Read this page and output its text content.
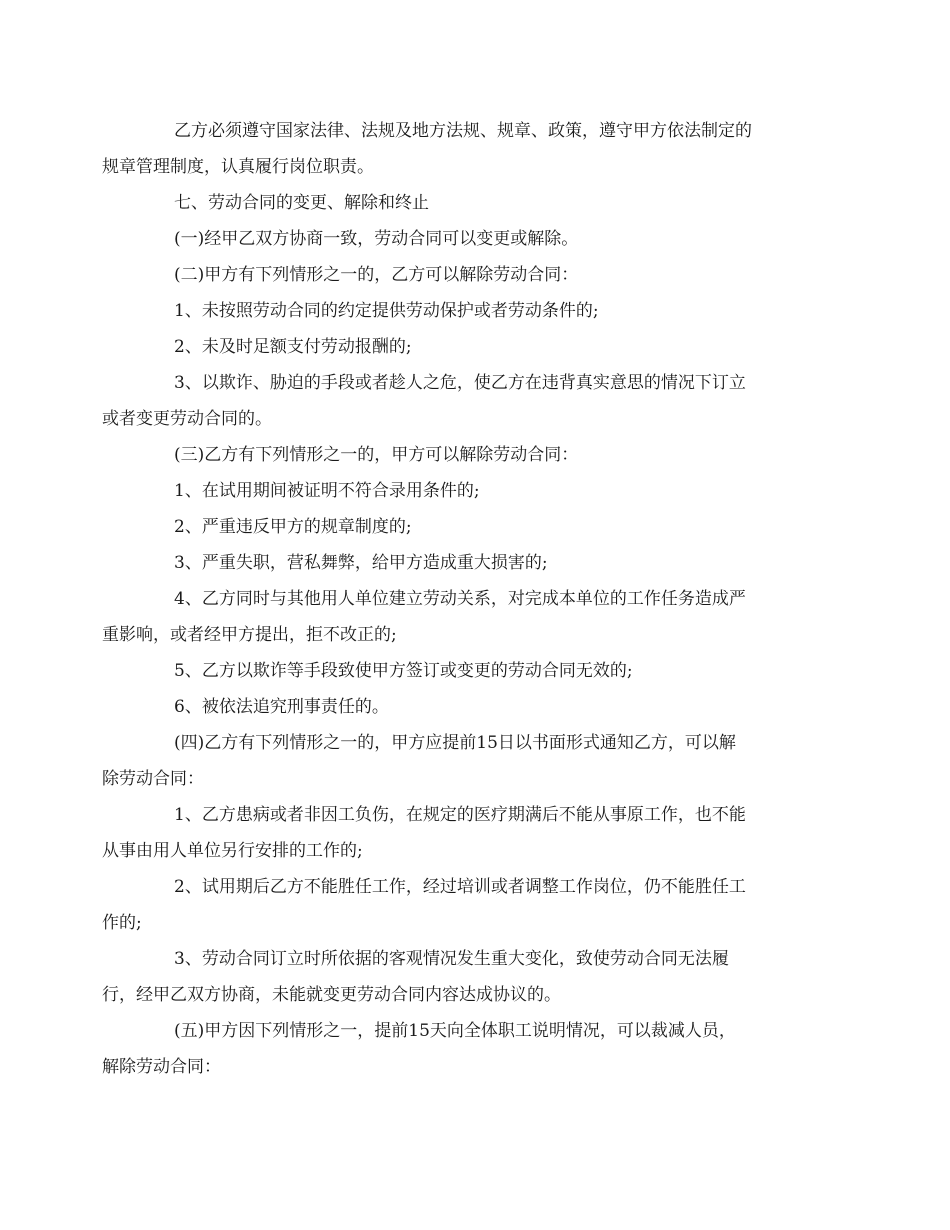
乙方必须遵守国家法律、法规及地方法规、规章、政策，遵守甲方依法制定的
规章管理制度，认真履行岗位职责。

七、劳动合同的变更、解除和终止

(一)经甲乙双方协商一致，劳动合同可以变更或解除。

(二)甲方有下列情形之一的，乙方可以解除劳动合同：

1、未按照劳动合同的约定提供劳动保护或者劳动条件的;

2、未及时足额支付劳动报酬的;

3、以欺诈、胁迫的手段或者趁人之危，使乙方在违背真实意思的情况下订立
或者变更劳动合同的。

(三)乙方有下列情形之一的，甲方可以解除劳动合同：

1、在试用期间被证明不符合录用条件的;

2、严重违反甲方的规章制度的;

3、严重失职，营私舞弊，给甲方造成重大损害的;

4、乙方同时与其他用人单位建立劳动关系，对完成本单位的工作任务造成严
重影响，或者经甲方提出，拒不改正的;

5、乙方以欺诈等手段致使甲方签订或变更的劳动合同无效的;

6、被依法追究刑事责任的。

(四)乙方有下列情形之一的，甲方应提前15日以书面形式通知乙方，可以解
除劳动合同：

1、乙方患病或者非因工负伤，在规定的医疗期满后不能从事原工作，也不能
从事由用人单位另行安排的工作的;

2、试用期后乙方不能胜任工作，经过培训或者调整工作岗位，仍不能胜任工
作的;

3、劳动合同订立时所依据的客观情况发生重大变化，致使劳动合同无法履
行，经甲乙双方协商，未能就变更劳动合同内容达成协议的。

(五)甲方因下列情形之一，提前15天向全体职工说明情况，可以裁减人员，
解除劳动合同：
